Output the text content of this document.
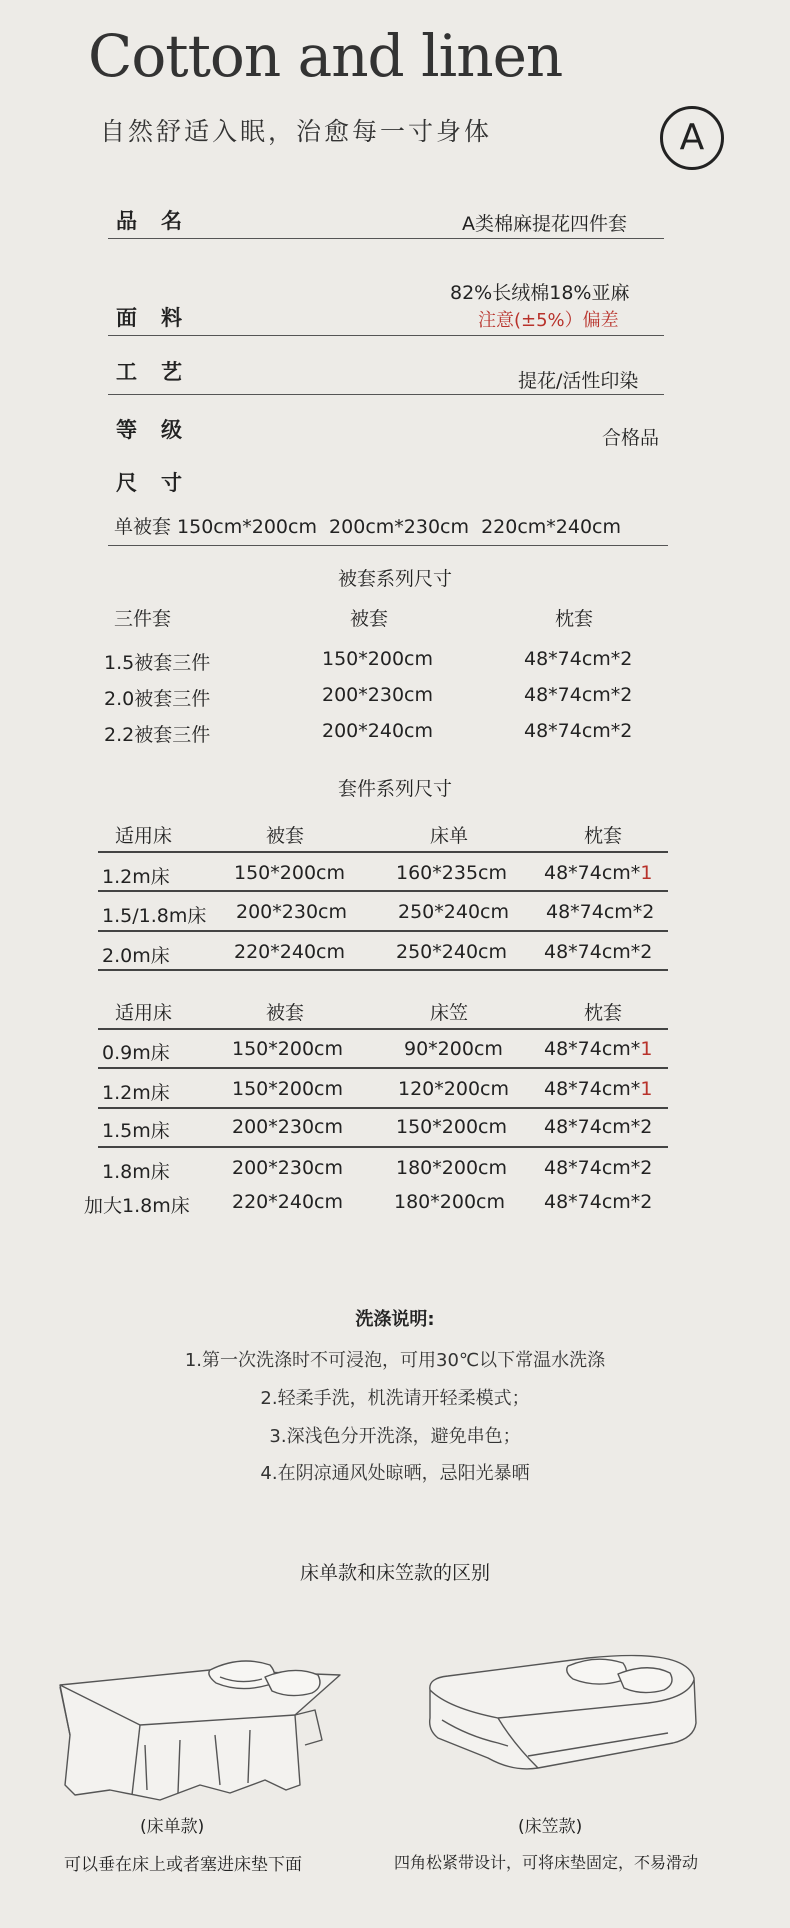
Cotton and linen
自然舒适入眠，治愈每一寸身体	A
品名	A类棉麻提花四件套
82%长绒棉18%亚麻
面料	注意(±5%）偏差
工艺	提花/活性印染
等级	合格品
尺寸
单被套 150cm*200cm  200cm*230cm  220cm*240cm
被套系列尺寸
三件套	被套	枕套
1.5被套三件	150*200cm	48*74cm*2
2.0被套三件	200*230cm	48*74cm*2
2.2被套三件	200*240cm	48*74cm*2
套件系列尺寸
适用床	被套	床单	枕套
1.2m床	150*200cm	160*235cm 48*74cm*1
1.5/1.8m床 200*230cm	250*240cm 48*74cm*2
2.0m床	220*240cm	250*240cm 48*74cm*2
适用床	被套	床笠	枕套
0.9m床	150*200cm	90*200cm 48*74cm*1
1.2m床	150*200cm	120*200cm 48*74cm*1
1.5m床	200*230cm	150*200cm 48*74cm*2
1.8m床	200*230cm	180*200cm 48*74cm*2
加大1.8m床 220*240cm	180*200cm 48*74cm*2
洗涤说明:
1.第一次洗涤时不可浸泡，可用30℃以下常温水洗涤
2.轻柔手洗，机洗请开轻柔模式；
3.深浅色分开洗涤，避免串色；
4.在阴凉通风处晾晒，忌阳光暴晒
床单款和床笠款的区别
(床单款)
可以垂在床上或者塞进床垫下面
(床笠款)
四角松紧带设计，可将床垫固定，不易滑动
